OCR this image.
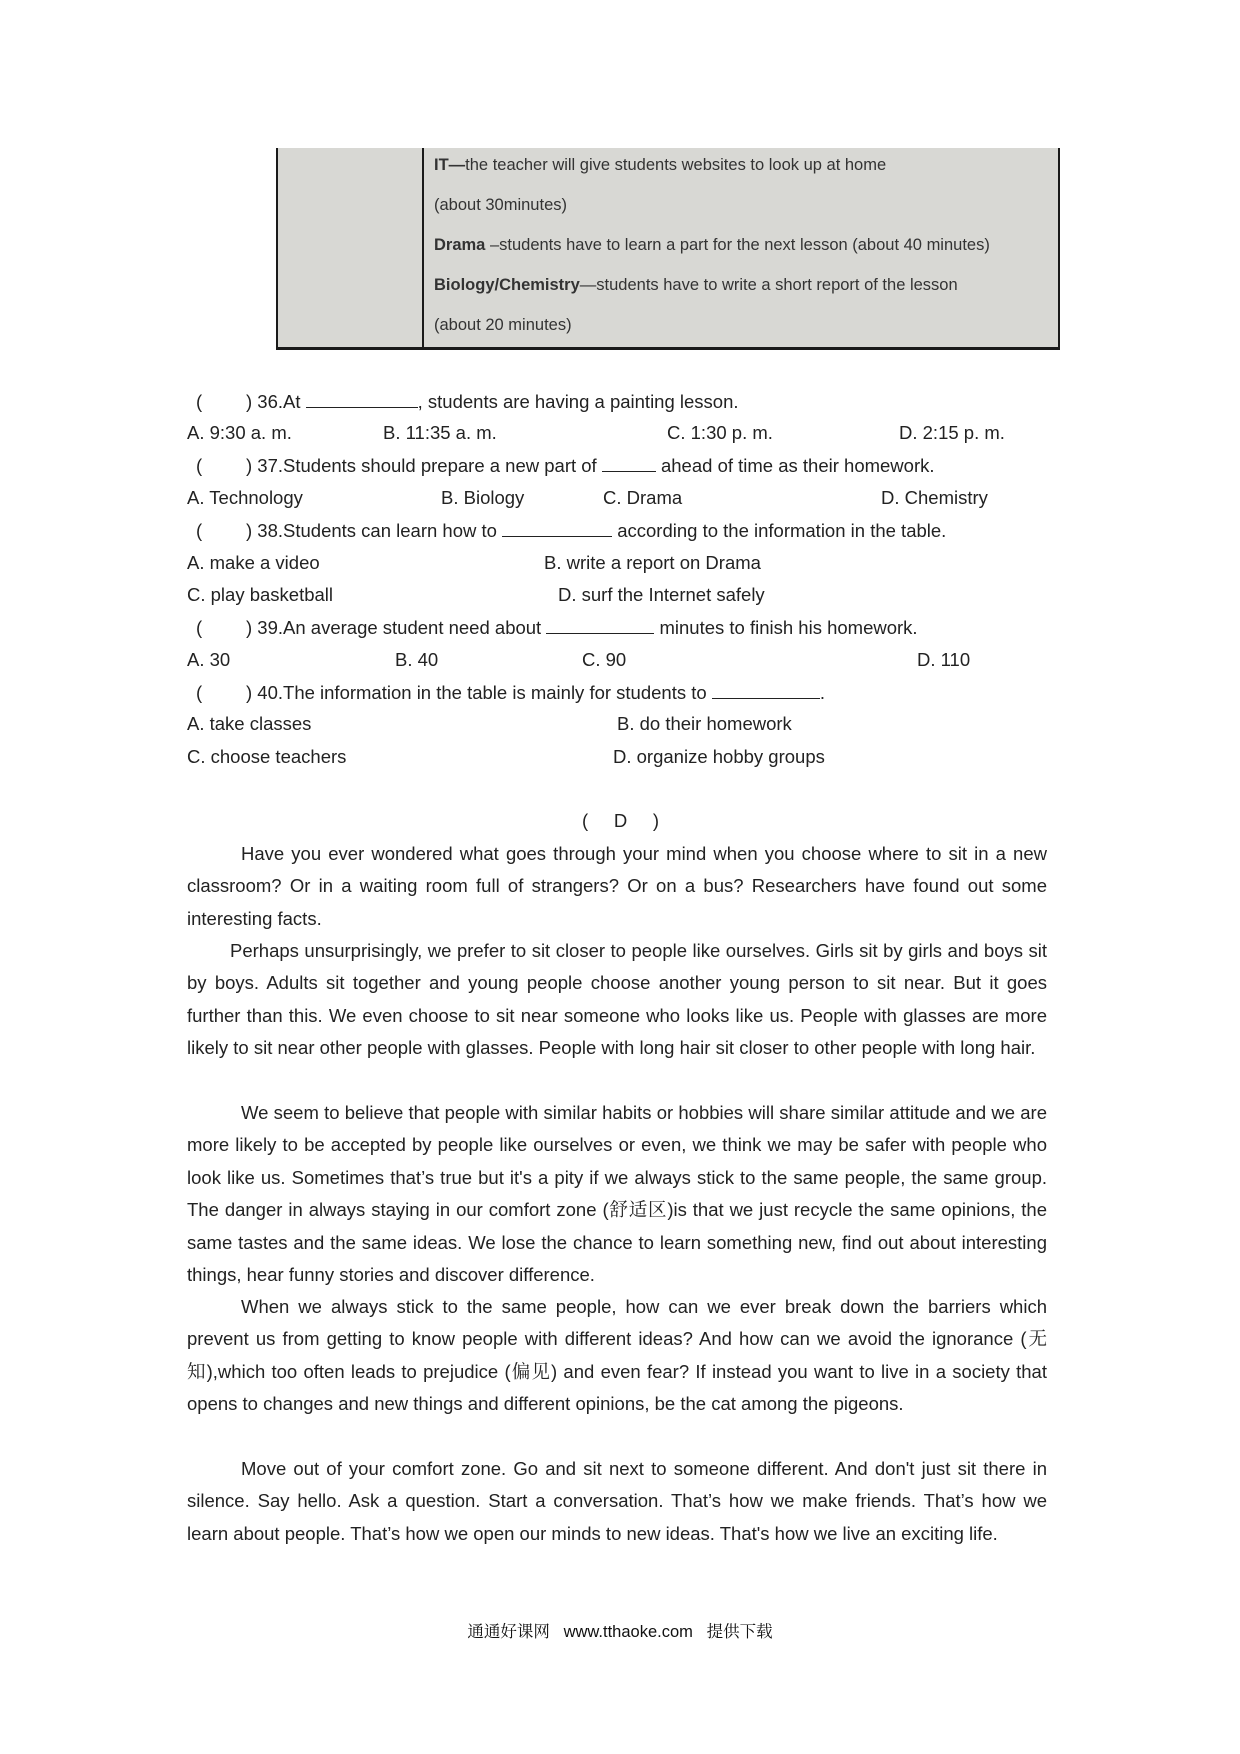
IT—the teacher will give students websites to look up at home
(about 30minutes)
Drama –students have to learn a part for the next lesson (about 40 minutes)
Biology/Chemistry—students have to write a short report of the lesson
(about 20 minutes)
( ) 36.At	, students are having a painting lesson.
A. 9:30 a. m.	B. 11:35 a. m.	C. 1:30 p. m.	D. 2:15 p. m.
( ) 37.Students should prepare a new part of	ahead of time as their homework.
A. Technology	B. Biology	C. Drama	D. Chemistry
( ) 38.Students can learn how to	according to the information in the table.
A. make a video	B. write a report on Drama
C. play basketball	D. surf the Internet safely
( ) 39.An average student need about	minutes to finish his homework.
A. 30	B. 40	C. 90	D. 110
( ) 40.The information in the table is mainly for students to	.
A. take classes	B. do their homework
C. choose teachers	D. organize hobby groups
(     D     )
Have you ever wondered what goes through your mind when you choose where to sit in a new classroom? Or in a waiting room full of strangers? Or on a bus? Researchers have found out some interesting facts.
Perhaps unsurprisingly, we prefer to sit closer to people like ourselves. Girls sit by girls and boys sit by boys. Adults sit together and young people choose another young person to sit near. But it goes further than this. We even choose to sit near someone who looks like us. People with glasses are more likely to sit near other people with glasses. People with long hair sit closer to other people with long hair.
We seem to believe that people with similar habits or hobbies will share similar attitude and we are more likely to be accepted by people like ourselves or even, we think we may be safer with people who look like us. Sometimes that’s true but it's a pity if we always stick to the same people, the same group. The danger in always staying in our comfort zone (舒适区)is that we just recycle the same opinions, the same tastes and the same ideas. We lose the chance to learn something new, find out about interesting things, hear funny stories and discover difference.
When we always stick to the same people, how can we ever break down the barriers which prevent us from getting to know people with different ideas? And how can we avoid the ignorance (无知),which too often leads to prejudice (偏见) and even fear? If instead you want to live in a society that opens to changes and new things and different opinions, be the cat among the pigeons.
Move out of your comfort zone. Go and sit next to someone different. And don't just sit there in silence. Say hello. Ask a question. Start a conversation. That’s how we make friends. That’s how we learn about people. That’s how we open our minds to new ideas. That's how we live an exciting life.
通通好课网   www.tthaoke.com   提供下载
